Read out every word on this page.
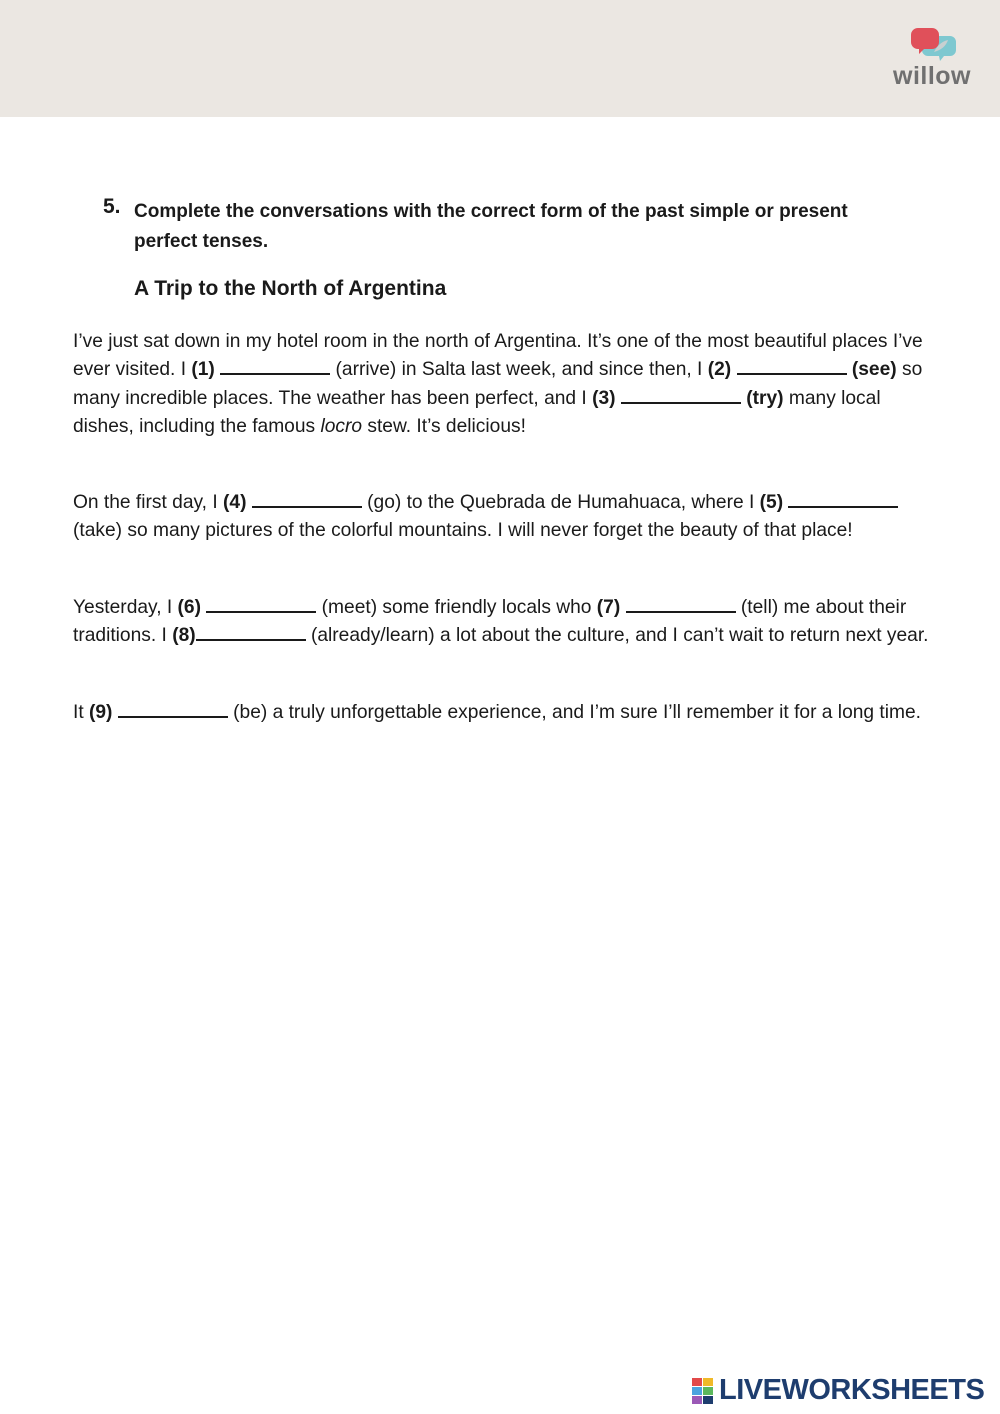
willow
5. Complete the conversations with the correct form of the past simple or present perfect tenses.
A Trip to the North of Argentina

I’ve just sat down in my hotel room in the north of Argentina. It’s one of the most beautiful places I’ve ever visited. I (1)	(arrive) in Salta last week, and since then, I (2)	(see) so many incredible places. The weather has been perfect, and I (3)	(try) many local dishes, including the famous locro stew. It’s delicious!

On the first day, I (4)	(go) to the Quebrada de Humahuaca, where I (5)  (take) so many pictures of the colorful mountains. I will never forget the beauty of that place!

Yesterday, I (6)	(meet) some friendly locals who (7)	(tell) me about their traditions. I (8)	(already/learn) a lot about the culture, and I can’t wait to return next year.

It (9)	(be) a truly unforgettable experience, and I’m sure I’ll remember it for a long time.

LIVEWORKSHEETS
